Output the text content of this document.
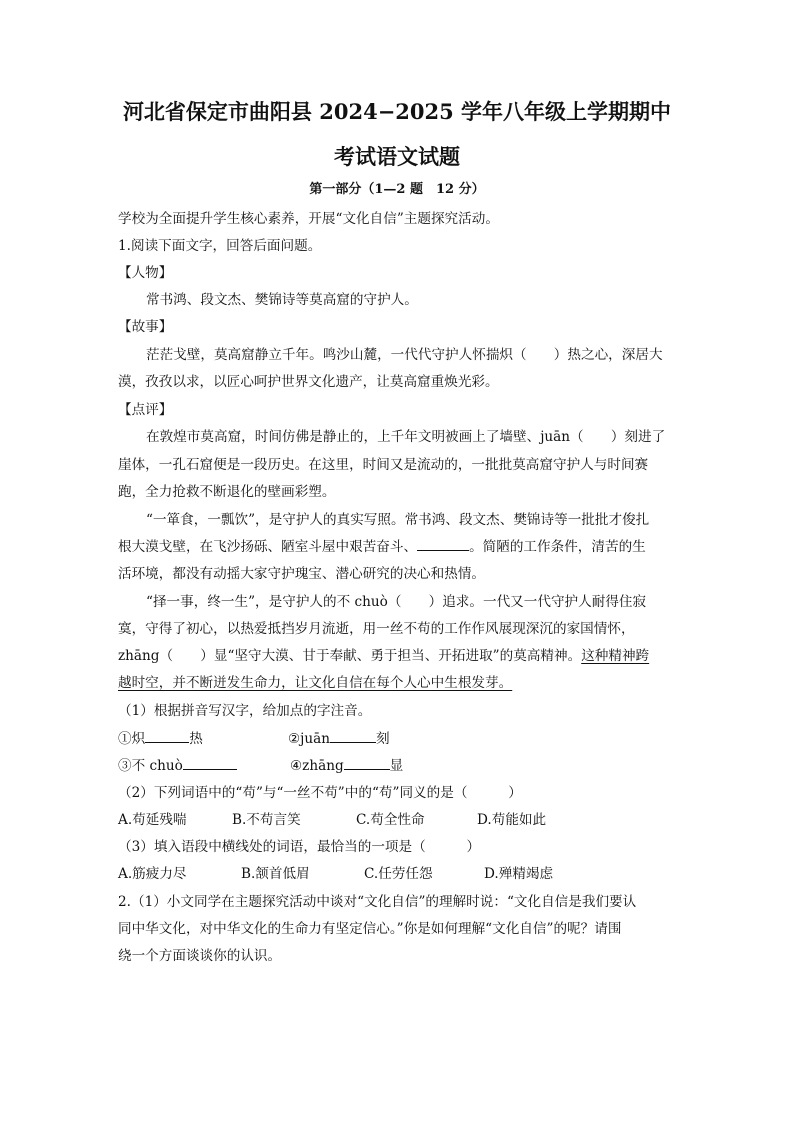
河北省保定市曲阳县 2024−2025 学年八年级上学期期中
考试语文试题
第一部分（1—2 题　12 分）
学校为全面提升学生核心素养，开展“文化自信”主题探究活动。
1.阅读下面文字，回答后面问题。
【人物】
常书鸿、段文杰、樊锦诗等莫高窟的守护人。
【故事】
茫茫戈壁，莫高窟静立千年。鸣沙山麓，一代代守护人怀揣炽（　　）热之心，深居大
漠，孜孜以求，以匠心呵护世界文化遗产，让莫高窟重焕光彩。
【点评】
在敦煌市莫高窟，时间仿佛是静止的，上千年文明被画上了墙壁、juān（　　）刻进了
崖体，一孔石窟便是一段历史。在这里，时间又是流动的，一批批莫高窟守护人与时间赛
跑，全力抢救不断退化的壁画彩塑。
“一箪食，一瓢饮”，是守护人的真实写照。常书鸿、段文杰、樊锦诗等一批批才俊扎
根大漠戈壁，在飞沙扬砾、陋室斗屋中艰苦奋斗、	。简陋的工作条件，清苦的生
活环境，都没有动摇大家守护瑰宝、潜心研究的决心和热情。
“择一事，终一生”，是守护人的不 chuò（　　）追求。一代又一代守护人耐得住寂
寞，守得了初心，以热爱抵挡岁月流逝，用一丝不苟的工作作风展现深沉的家国情怀，
zhāng（　　）显“坚守大漠、甘于奉献、勇于担当、开拓进取”的莫高精神。这种精神跨
越时空，并不断迸发生命力，让文化自信在每个人心中生根发芽。
（1）根据拼音写汉字，给加点的字注音。
①炽	热	②juān	刻
③不 chuò	④zhāng	显
（2）下列词语中的“苟”与“一丝不苟”中的“苟”同义的是（　　　）
A.苟延残喘	B.不苟言笑	C.苟全性命	D.苟能如此
（3）填入语段中横线处的词语，最恰当的一项是（　　　）
A.筋疲力尽	B.颔首低眉	C.任劳任怨	D.殚精竭虑
2.（1）小文同学在主题探究活动中谈对“文化自信”的理解时说：“文化自信是我们要认
同中华文化，对中华文化的生命力有坚定信心。”你是如何理解“文化自信”的呢？请围
绕一个方面谈谈你的认识。
